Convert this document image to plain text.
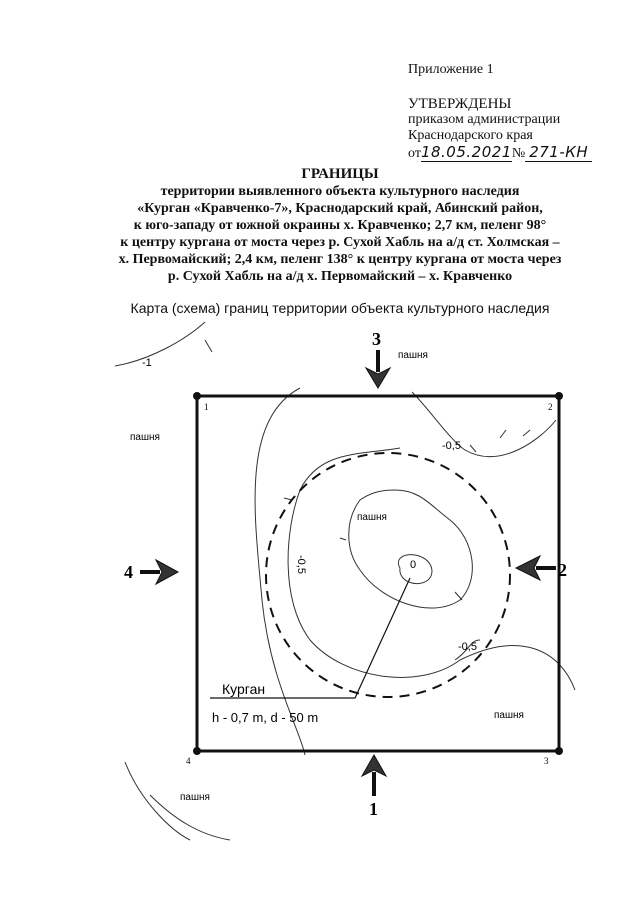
Приложение 1
УТВЕРЖДЕНЫ
приказом администрации
Краснодарского края
от18.05.2021№ 271-КН
ГРАНИЦЫ
территории выявленного объекта культурного наследия
«Курган «Кравченко-7», Краснодарский край, Абинский район,
к юго-западу от южной окраины х. Кравченко; 2,7 км, пеленг 98°
к центру кургана от моста через р. Сухой Хабль на а/д ст. Холмская –
х. Первомайский; 2,4 км, пеленг 138° к центру кургана от моста через
р. Сухой Хабль на а/д х. Первомайский – х. Кравченко
Карта (схема) границ территории объекта культурного наследия
1	2
3
4
3
1
4	2
пашня
пашня
пашня
пашня
пашня
-1
-0,5
-0,5
-0,5
0
Курган
h - 0,7 m, d - 50 m
